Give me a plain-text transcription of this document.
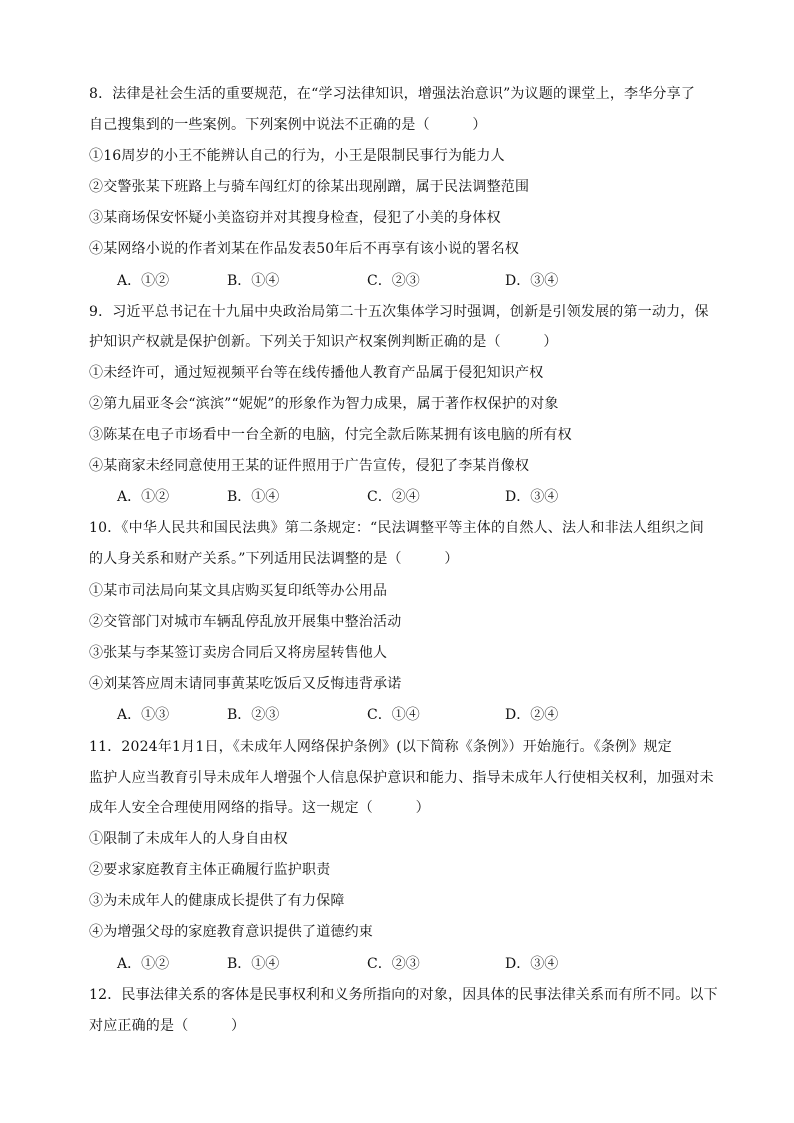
8．法律是社会生活的重要规范，在“学习法律知识，增强法治意识”为议题的课堂上，李华分享了
自己搜集到的一些案例。下列案例中说法不正确的是（　　　）
①16周岁的小王不能辨认自己的行为，小王是限制民事行为能力人
②交警张某下班路上与骑车闯红灯的徐某出现剐蹭，属于民法调整范围
③某商场保安怀疑小美盗窃并对其搜身检查，侵犯了小美的身体权
④某网络小说的作者刘某在作品发表50年后不再享有该小说的署名权
A．①②	B．①④	C．②③	D．③④
9．习近平总书记在十九届中央政治局第二十五次集体学习时强调，创新是引领发展的第一动力，保
护知识产权就是保护创新。下列关于知识产权案例判断正确的是（　　　）
①未经许可，通过短视频平台等在线传播他人教育产品属于侵犯知识产权
②第九届亚冬会“滨滨”“妮妮”的形象作为智力成果，属于著作权保护的对象
③陈某在电子市场看中一台全新的电脑，付完全款后陈某拥有该电脑的所有权
④某商家未经同意使用王某的证件照用于广告宣传，侵犯了李某肖像权
A．①②	B．①④	C．②④	D．③④
10．《中华人民共和国民法典》第二条规定：“民法调整平等主体的自然人、法人和非法人组织之间
的人身关系和财产关系。”下列适用民法调整的是（　　　）
①某市司法局向某文具店购买复印纸等办公用品
②交管部门对城市车辆乱停乱放开展集中整治活动
③张某与李某签订卖房合同后又将房屋转售他人
④刘某答应周末请同事黄某吃饭后又反悔违背承诺
A．①③	B．②③	C．①④	D．②④
11．2024年1月1日，《未成年人网络保护条例》(以下简称《条例》）开始施行。《条例》规定
监护人应当教育引导未成年人增强个人信息保护意识和能力、指导未成年人行使相关权利，加强对未
成年人安全合理使用网络的指导。这一规定（　　　）
①限制了未成年人的人身自由权
②要求家庭教育主体正确履行监护职责
③为未成年人的健康成长提供了有力保障
④为增强父母的家庭教育意识提供了道德约束
A．①②	B．①④	C．②③	D．③④
12．民事法律关系的客体是民事权利和义务所指向的对象，因具体的民事法律关系而有所不同。以下
对应正确的是（　　　）
